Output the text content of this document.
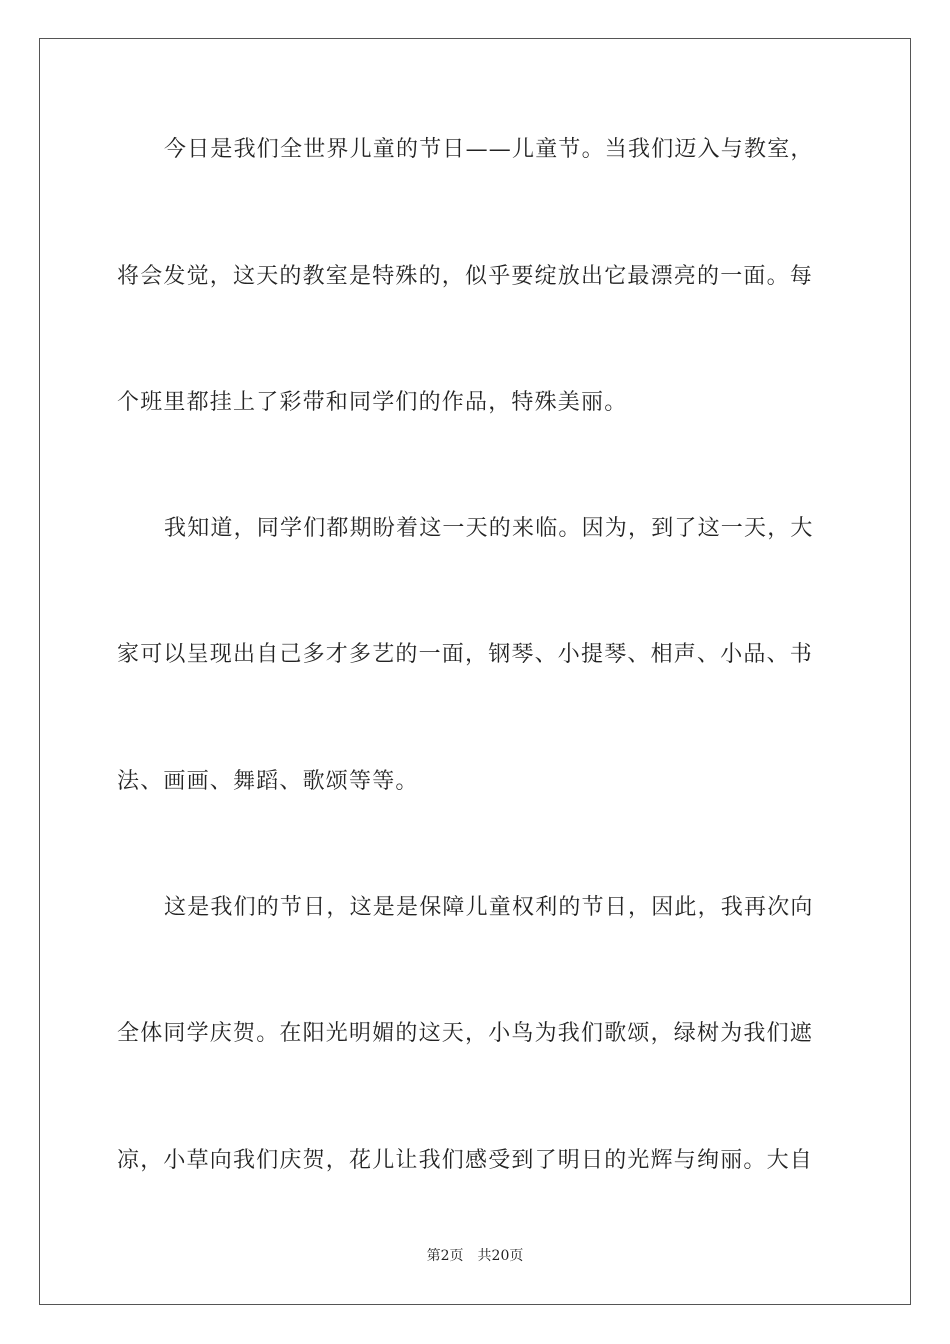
今日是我们全世界儿童的节日——儿童节。当我们迈入与教室，
将会发觉，这天的教室是特殊的，似乎要绽放出它最漂亮的一面。每
个班里都挂上了彩带和同学们的作品，特殊美丽。
我知道，同学们都期盼着这一天的来临。因为，到了这一天，大
家可以呈现出自己多才多艺的一面，钢琴、小提琴、相声、小品、书
法、画画、舞蹈、歌颂等等。
这是我们的节日，这是是保障儿童权利的节日，因此，我再次向
全体同学庆贺。在阳光明媚的这天，小鸟为我们歌颂，绿树为我们遮
凉，小草向我们庆贺，花儿让我们感受到了明日的光辉与绚丽。大自
第2页 共20页
